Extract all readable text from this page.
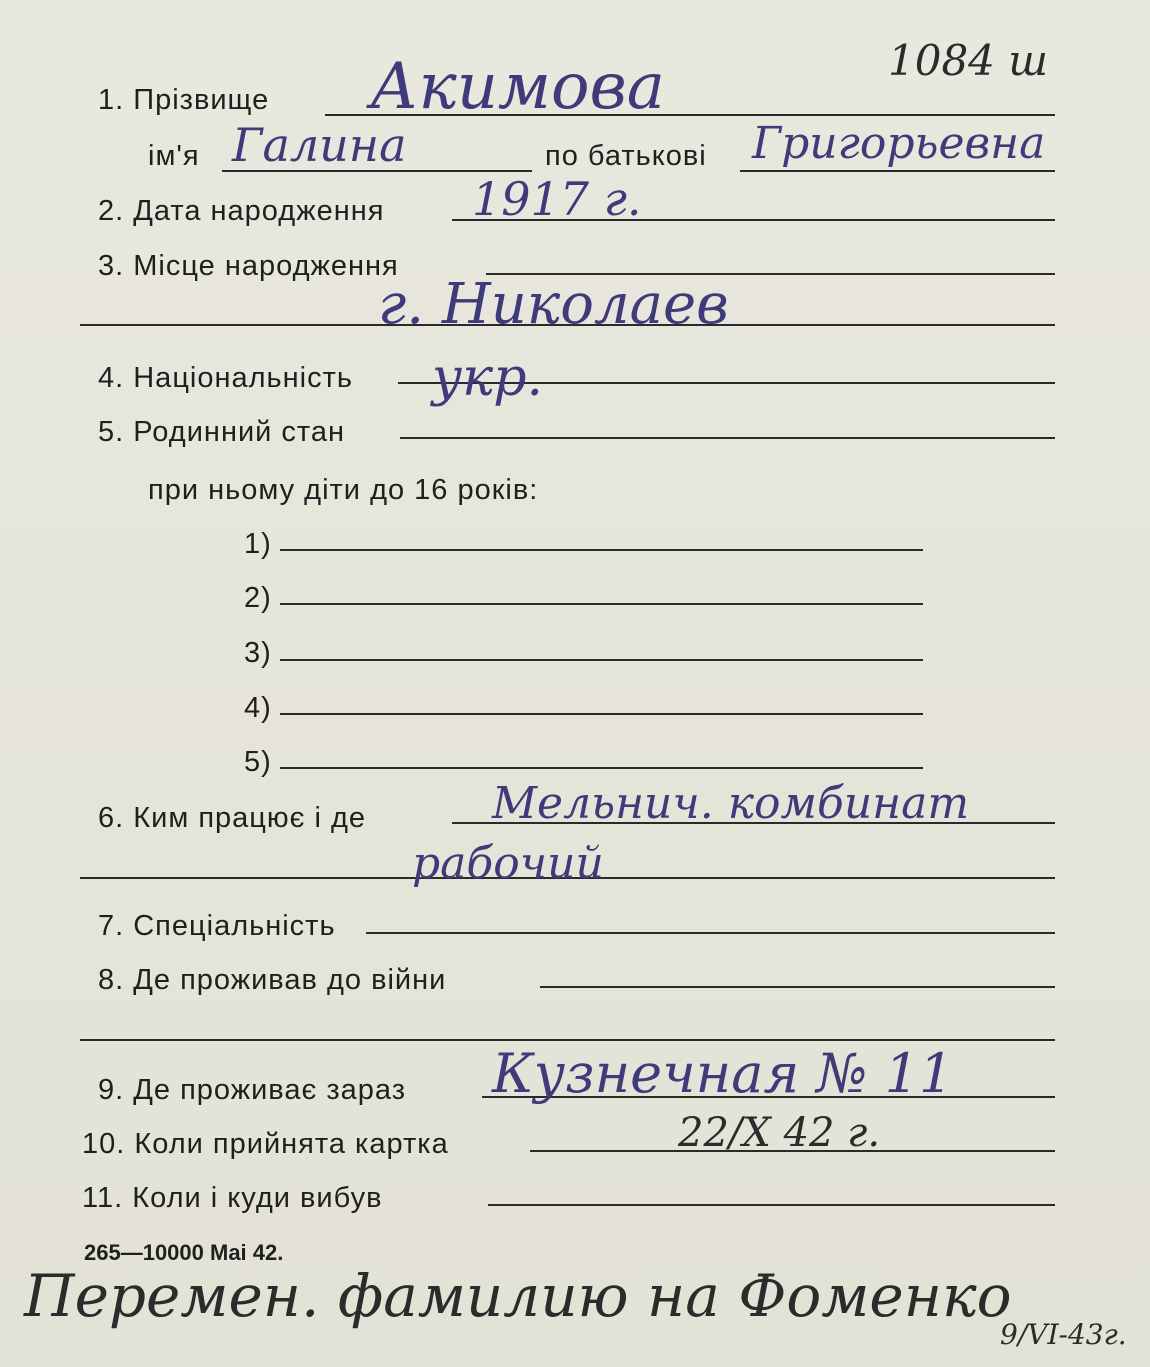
1084 ш
1. Прізвище Акимова
ім'я Галина	по батькові Григорьевна
2. Дата народження 1917 г.
3. Місце народження
г. Николаев
4. Національність укр.
5. Родинний стан
при ньому діти до 16 років:
1)
2)
3)
4)
5)
6. Ким працює і де	Мельнич. комбинат
рабочий
7. Спеціальність
8. Де проживав до війни
9. Де проживає зараз Кузнечная № 11
10. Коли прийнята картка	22/X 42 г.
11. Коли і куди вибув
265—10000 Mai 42.
Перемен. фамилию на Фоменко
9/VI-43г.
